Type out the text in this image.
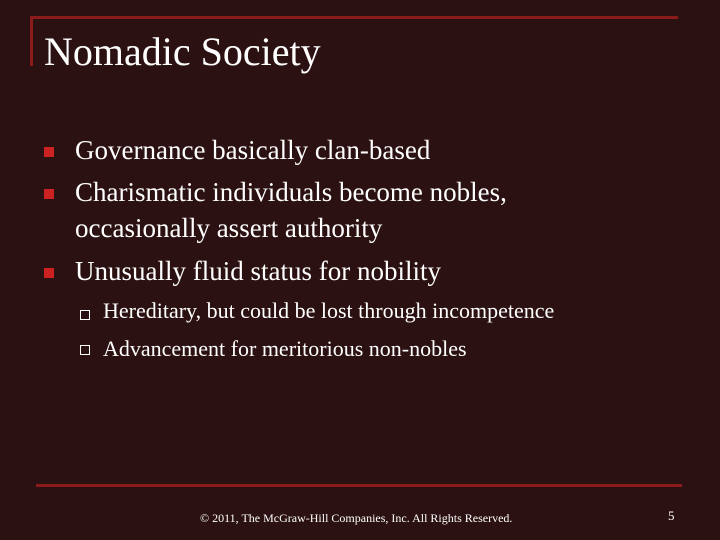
Nomadic Society
Governance basically clan-based
Charismatic individuals become nobles,
occasionally assert authority
Unusually fluid status for nobility
Hereditary, but could be lost through incompetence
Advancement for meritorious non-nobles
© 2011, The McGraw-Hill Companies, Inc. All Rights Reserved.	5
